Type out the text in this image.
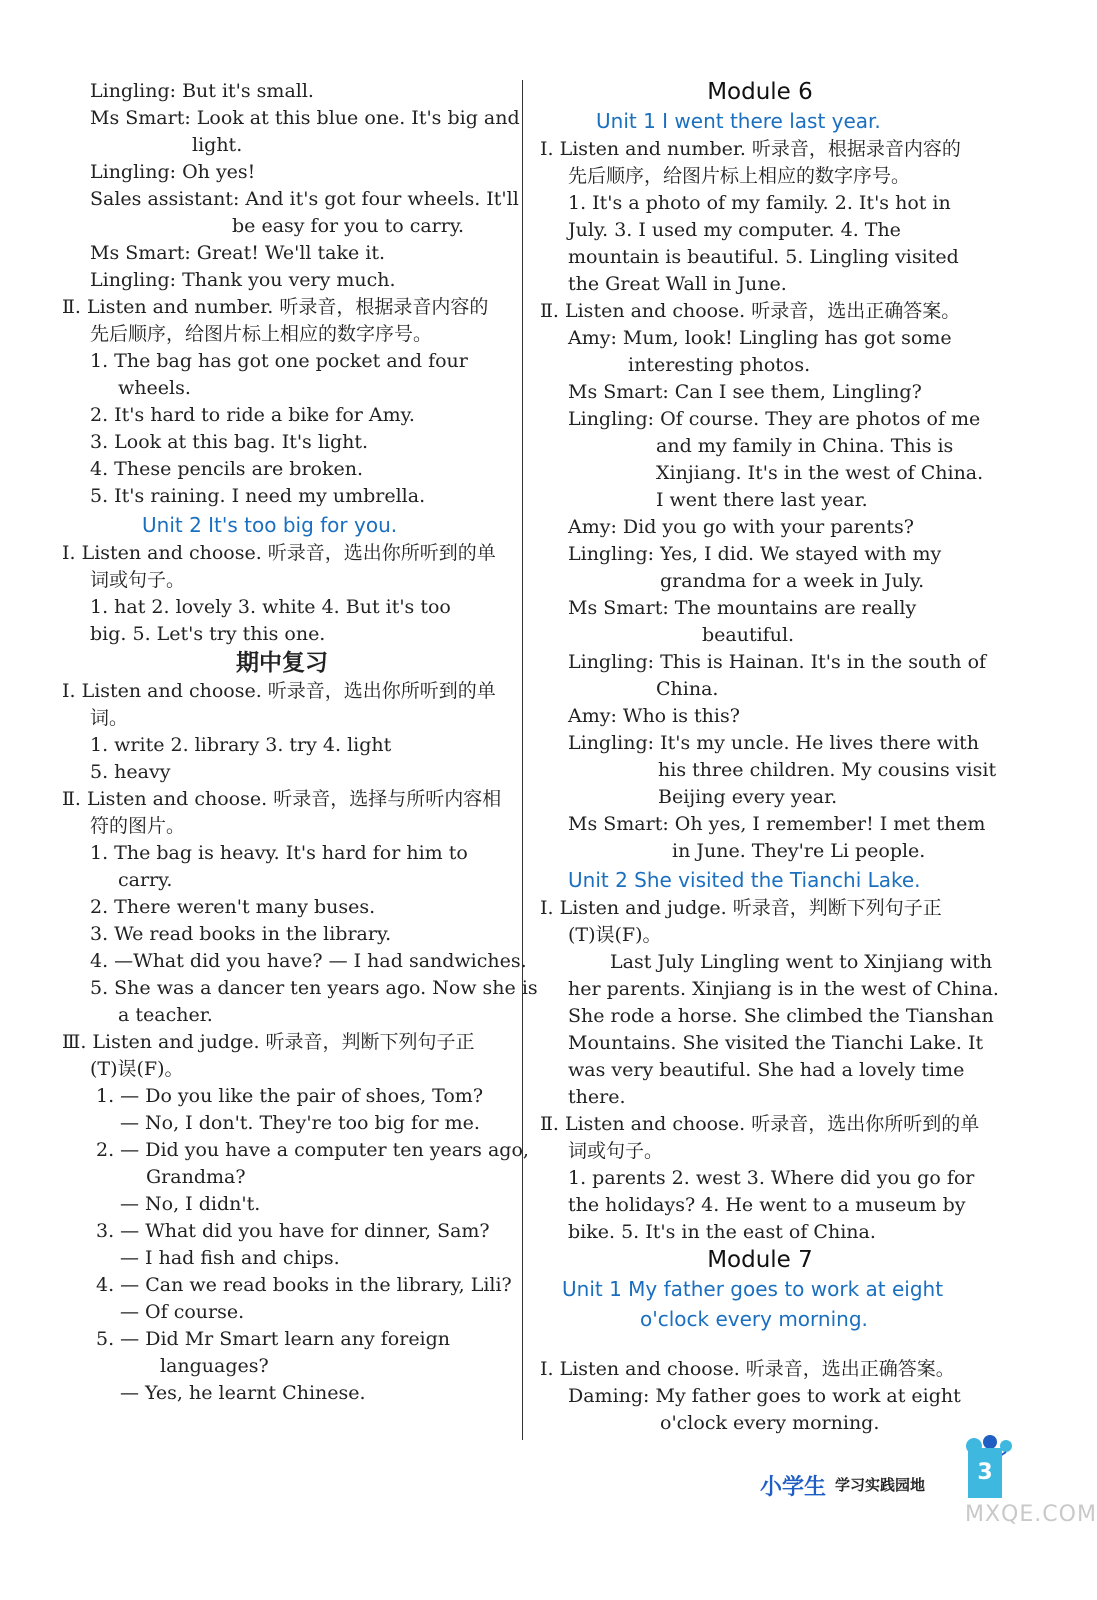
Lingling: But it's small.
Ms Smart: Look at this blue one. It's big and
light.
Lingling: Oh yes!
Sales assistant: And it's got four wheels. It'll
be easy for you to carry.
Ms Smart: Great! We'll take it.
Lingling: Thank you very much.
Ⅱ. Listen and number. 听录音，根据录音内容的
先后顺序，给图片标上相应的数字序号。
1. The bag has got one pocket and four
wheels.
2. It's hard to ride a bike for Amy.
3. Look at this bag. It's light.
4. These pencils are broken.
5. It's raining. I need my umbrella.
Unit 2 It's too big for you.
Ⅰ. Listen and choose. 听录音，选出你所听到的单
词或句子。
1. hat 2. lovely 3. white 4. But it's too
big. 5. Let's try this one.
期中复习
Ⅰ. Listen and choose. 听录音，选出你所听到的单
词。
1. write 2. library 3. try 4. light
5. heavy
Ⅱ. Listen and choose. 听录音，选择与所听内容相
符的图片。
1. The bag is heavy. It's hard for him to
carry.
2. There weren't many buses.
3. We read books in the library.
4. —What did you have? — I had sandwiches.
5. She was a dancer ten years ago. Now she is
a teacher.
Ⅲ. Listen and judge. 听录音，判断下列句子正
(T)误(F)。
1. — Do you like the pair of shoes, Tom?
— No, I don't. They're too big for me.
2. — Did you have a computer ten years ago,
Grandma?
— No, I didn't.
3. — What did you have for dinner, Sam?
— I had fish and chips.
4. — Can we read books in the library, Lili?
— Of course.
5. — Did Mr Smart learn any foreign
languages?
— Yes, he learnt Chinese.
Module 6
Unit 1 I went there last year.
Ⅰ. Listen and number. 听录音，根据录音内容的
先后顺序，给图片标上相应的数字序号。
1. It's a photo of my family. 2. It's hot in
July. 3. I used my computer. 4. The
mountain is beautiful. 5. Lingling visited
the Great Wall in June.
Ⅱ. Listen and choose. 听录音，选出正确答案。
Amy: Mum, look! Lingling has got some
interesting photos.
Ms Smart: Can I see them, Lingling?
Lingling: Of course. They are photos of me
and my family in China. This is
Xinjiang. It's in the west of China.
I went there last year.
Amy: Did you go with your parents?
Lingling: Yes, I did. We stayed with my
grandma for a week in July.
Ms Smart: The mountains are really
beautiful.
Lingling: This is Hainan. It's in the south of
China.
Amy: Who is this?
Lingling: It's my uncle. He lives there with
his three children. My cousins visit
Beijing every year.
Ms Smart: Oh yes, I remember! I met them
in June. They're Li people.
Unit 2 She visited the Tianchi Lake.
Ⅰ. Listen and judge. 听录音，判断下列句子正
(T)误(F)。
Last July Lingling went to Xinjiang with
her parents. Xinjiang is in the west of China.
She rode a horse. She climbed the Tianshan
Mountains. She visited the Tianchi Lake. It
was very beautiful. She had a lovely time
there.
Ⅱ. Listen and choose. 听录音，选出你所听到的单
词或句子。
1. parents 2. west 3. Where did you go for
the holidays? 4. He went to a museum by
bike. 5. It's in the east of China.
Module 7
Unit 1 My father goes to work at eight
o'clock every morning.
Ⅰ. Listen and choose. 听录音，选出正确答案。
Daming: My father goes to work at eight
o'clock every morning.
小学生 学习实践园地	3
MXQE.COM
